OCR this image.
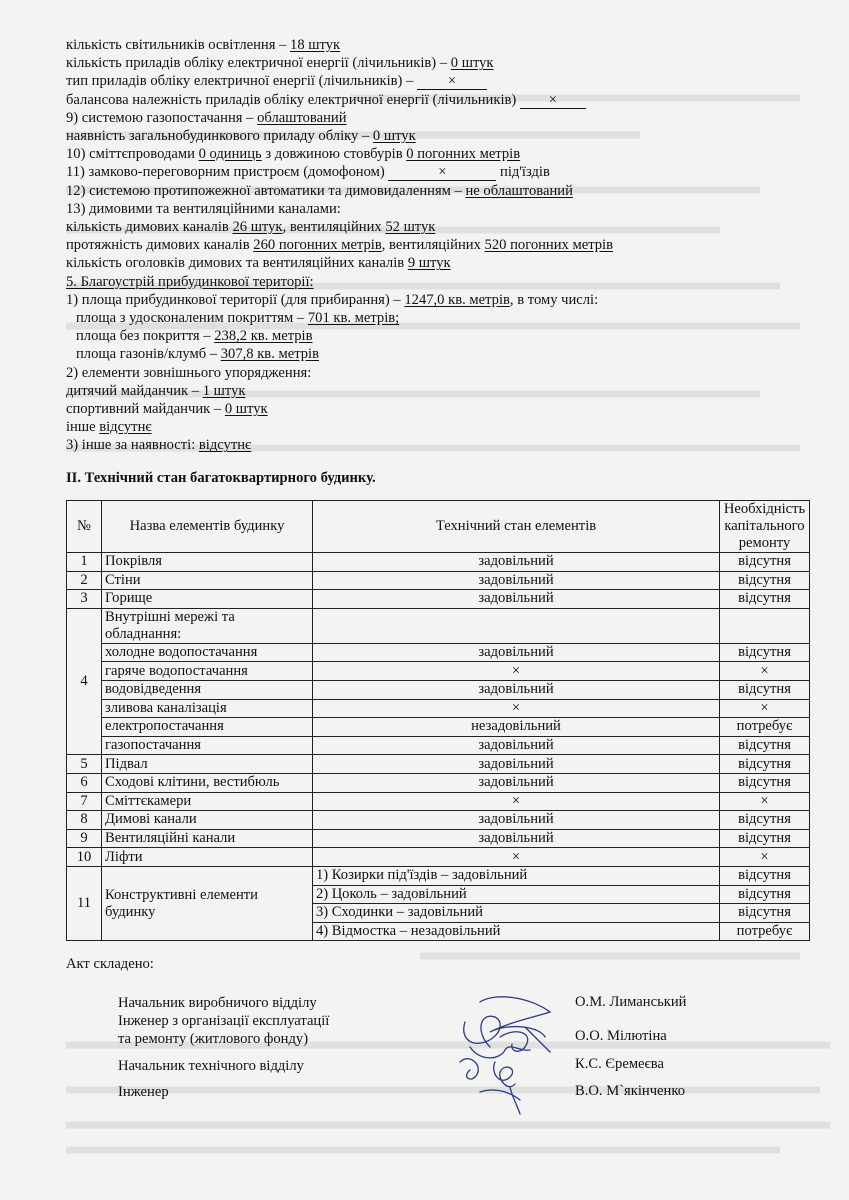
кількість світильників освітлення – 18 штук
кількість приладів обліку електричної енергії (лічильників) – 0 штук
тип приладів обліку електричної енергії (лічильників) – ×
балансова належність приладів обліку електричної енергії (лічильників) ×
9) системою газопостачання – облаштований
наявність загальнобудинкового приладу обліку – 0 штук
10) сміттєпроводами 0 одиниць з довжиною стовбурів 0 погонних метрів
11) замково-переговорним пристроєм (домофоном)	×	під'їздів
12) системою протипожежної автоматики та димовидаленням – не облаштований
13) димовими та вентиляційними каналами:
кількість димових каналів 26 штук, вентиляційних 52 штук
протяжність димових каналів 260 погонних метрів, вентиляційних 520 погонних метрів
кількість оголовків димових та вентиляційних каналів 9 штук
5. Благоустрій прибудинкової території:
1) площа прибудинкової території (для прибирання) – 1247,0 кв. метрів, в тому числі:
площа з удосконаленим покриттям – 701 кв. метрів;
площа без покриття – 238,2 кв. метрів
площа газонів/клумб – 307,8 кв. метрів
2) елементи зовнішнього упорядження:
дитячий майданчик – 1 штук
спортивний майданчик – 0 штук
інше відсутнє
3) інше за наявності: відсутнє
ІІ. Технічний стан багатоквартирного будинку.
№	Назва елементів будинку	Технічний стан елементів	Необхідність
капітального ремонту
1	Покрівля	задовільний	відсутня
2	Стіни	задовільний	відсутня
3	Горище	задовільний	відсутня
4	Внутрішні мережі та обладнання:		
	холодне водопостачання	задовільний	відсутня
	гаряче водопостачання	×	×
	водовідведення	задовільний	відсутня
	зливова каналізація	×	×
	електропостачання	незадовільний	потребує
	газопостачання	задовільний	відсутня
5	Підвал	задовільний	відсутня
6	Сходові клітини, вестибюль	задовільний	відсутня
7	Сміттєкамери	×	×
8	Димові канали	задовільний	відсутня
9	Вентиляційні канали	задовільний	відсутня
10	Ліфти	×	×
11	Конструктивні елементи будинку	1) Козирки під'їздів – задовільний	відсутня
		2) Цоколь – задовільний	відсутня
		3) Сходинки – задовільний	відсутня
		4) Відмостка – незадовільний	потребує
Акт складено:
Начальник виробничого відділу
Інженер з організації експлуатації
та ремонту (житлового фонду)
Начальник технічного відділу
Інженер
О.М. Лиманський
О.О. Мілютіна
К.С. Єремеєва
В.О. М`якінченко
